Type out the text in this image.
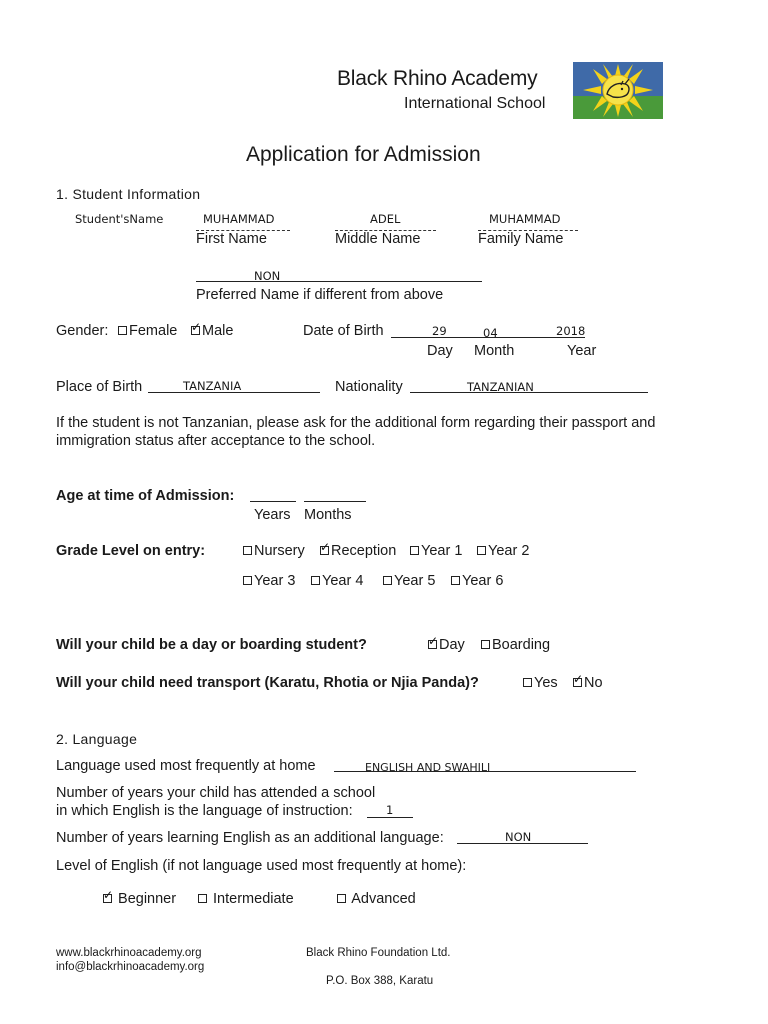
Black Rhino Academy
International School
Application for Admission
1. Student Information
Student'sName	MUHAMMAD	ADEL	MUHAMMAD
First Name	Middle Name	Family Name
NON
Preferred Name if different from above
Gender:	Female ✓ Male	Date of Birth	29	04	2018
Day Month	Year
Place of Birth	TANZANIA	Nationality	TANZANIAN
If the student is not Tanzanian, please ask for the additional form regarding their passport and
immigration status after acceptance to the school.
Age at time of Admission:
Years Months
Grade Level on entry:	Nursery ✓ Reception	Year 1	Year 2
Year 3	Year 4	Year 5	Year 6
Will your child be a day or boarding student?	✓ Day	Boarding
Will your child need transport (Karatu, Rhotia or Njia Panda)?	Yes ✓ No
2. Language
Language used most frequently at home	ENGLISH AND SWAHILI
Number of years your child has attended a school
in which English is the language of instruction:	1
Number of years learning English as an additional language:	NON
Level of English (if not language used most frequently at home):
✓ Beginner	Intermediate	Advanced
www.blackrhinoacademy.org
info@blackrhinoacademy.org
Black Rhino Foundation Ltd.
P.O. Box 388, Karatu
